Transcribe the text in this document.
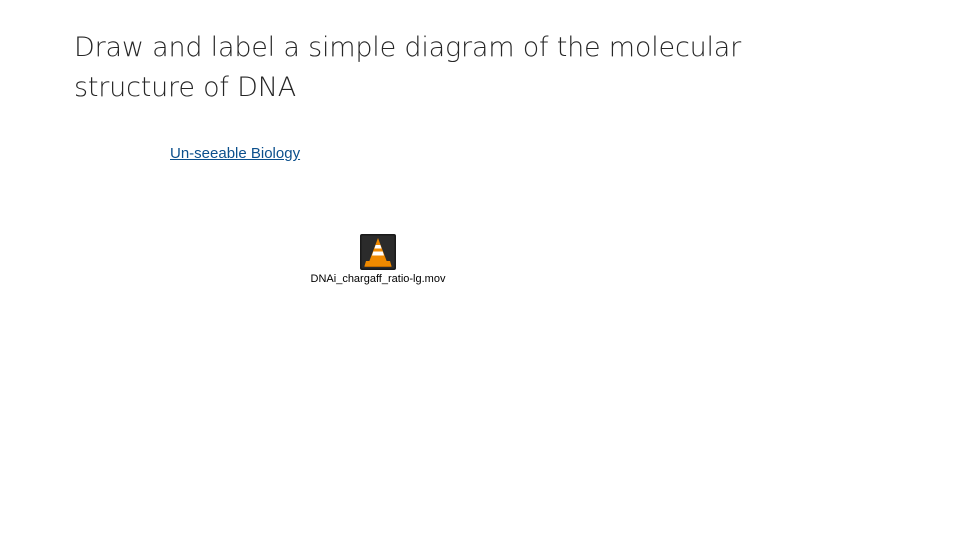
Draw and label a simple diagram of the molecular structure of DNA
Un-seeable Biology
DNAi_chargaff_ratio-lg.mov
